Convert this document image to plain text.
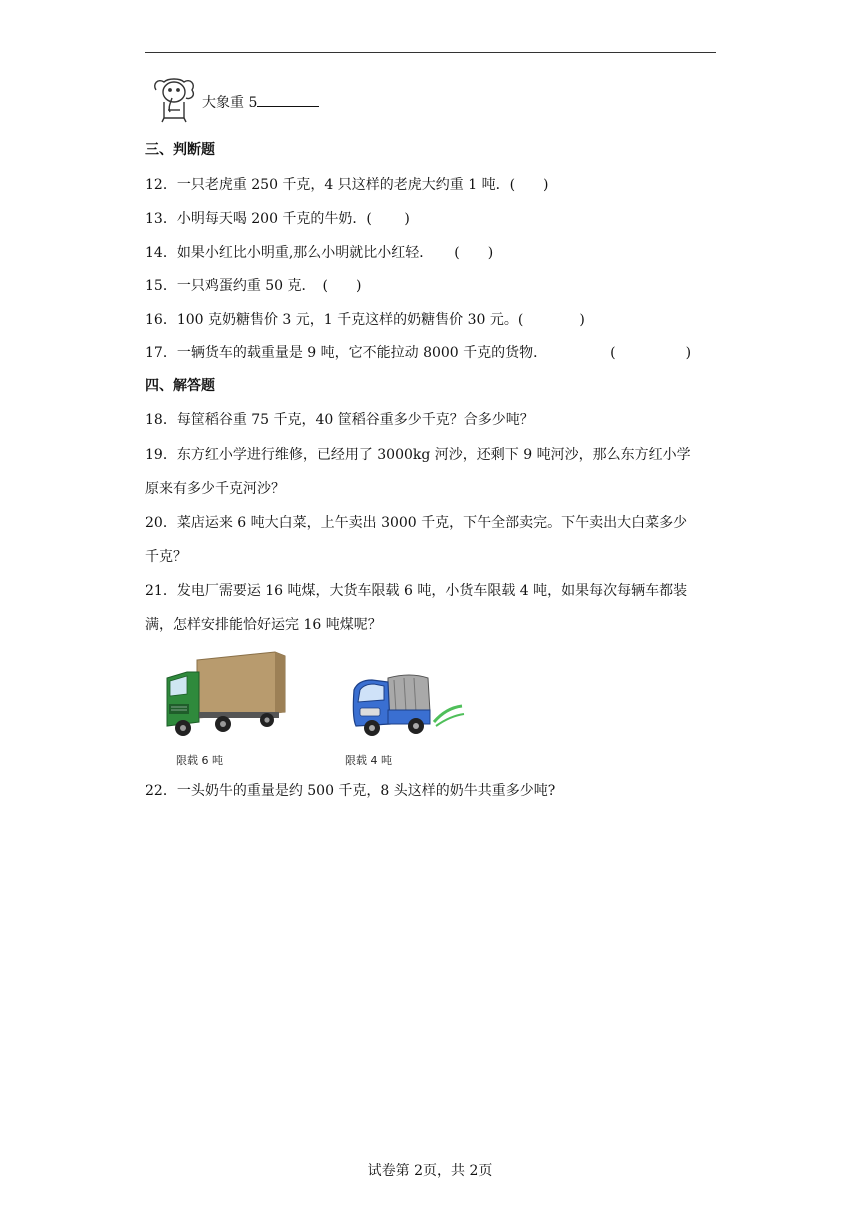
大象重 5
三、判断题
12．一只老虎重 250 千克，4 只这样的老虎大约重 1 吨．(　　)
13．小明每天喝 200 千克的牛奶．(　　 )
14．如果小红比小明重,那么小明就比小红轻．　　(　　)
15．一只鸡蛋约重 50 克．　(　　)
16．100 克奶糖售价 3 元，1 千克这样的奶糖售价 30 元。(　　　　)
17．一辆货车的载重量是 9 吨，它不能拉动 8000 千克的货物．　　　　　(　　　　　)
四、解答题
18．每筐稻谷重 75 千克，40 筐稻谷重多少千克？合多少吨？
19．东方红小学进行维修，已经用了 3000kg 河沙，还剩下 9 吨河沙，那么东方红小学
原来有多少千克河沙？
20．菜店运来 6 吨大白菜，上午卖出 3000 千克，下午全部卖完。下午卖出大白菜多少
千克？
21．发电厂需要运 16 吨煤，大货车限载 6 吨，小货车限载 4 吨，如果每次每辆车都装
满，怎样安排能恰好运完 16 吨煤呢？
限载 6 吨	限载 4 吨
22．一头奶牛的重量是约 500 千克，8 头这样的奶牛共重多少吨?
试卷第 2页，共 2页
